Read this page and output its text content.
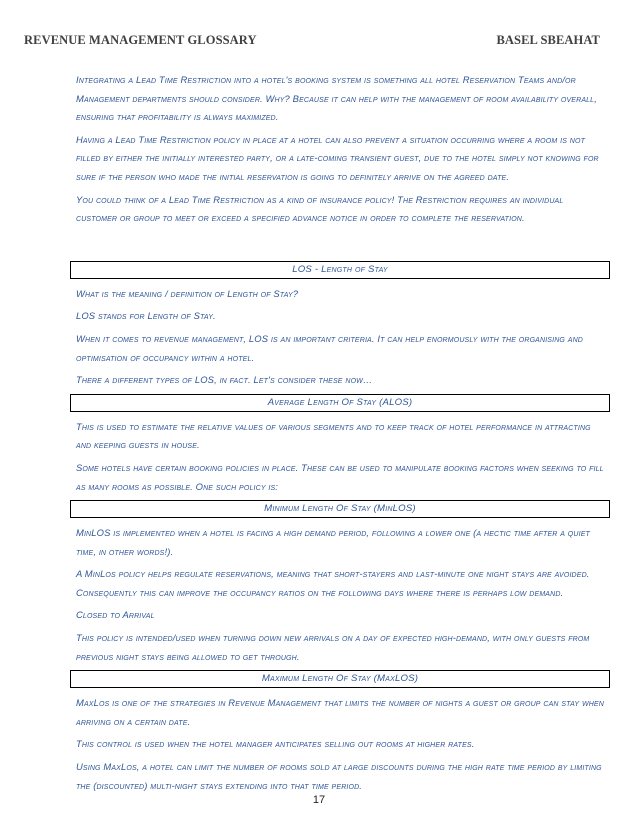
REVENUE MANAGEMENT GLOSSARY	BASEL SBEAHAT

Integrating a Lead Time Restriction into a hotel's booking system is something all hotel Reservation Teams and/or Management departments should consider. Why? Because it can help with the management of room availability overall, ensuring that profitability is always maximized.

Having a Lead Time Restriction policy in place at a hotel can also prevent a situation occurring where a room is not filled by either the initially interested party, or a late-coming transient guest, due to the hotel simply not knowing for sure if the person who made the initial reservation is going to definitely arrive on the agreed date.

You could think of a Lead Time Restriction as a kind of insurance policy! The Restriction requires an individual customer or group to meet or exceed a specified advance notice in order to complete the reservation.

LOS - Length of Stay

What is the meaning / definition of Length of Stay?

LOS stands for Length of Stay.

When it comes to revenue management, LOS is an important criteria. It can help enormously with the organising and optimisation of occupancy within a hotel.

There a different types of LOS, in fact. Let's consider these now…

Average Length Of Stay (ALOS)

This is used to estimate the relative values of various segments and to keep track of hotel performance in attracting and keeping guests in house.

Some hotels have certain booking policies in place. These can be used to manipulate booking factors when seeking to fill as many rooms as possible. One such policy is:

Minimum Length Of Stay (MinLOS)

MinLOS is implemented when a hotel is facing a high demand period, following a lower one (a hectic time after a quiet time, in other words!).

A MinLos policy helps regulate reservations, meaning that short-stayers and last-minute one night stays are avoided. Consequently this can improve the occupancy ratios on the following days where there is perhaps low demand.

Closed to Arrival

This policy is intended/used when turning down new arrivals on a day of expected high-demand, with only guests from previous night stays being allowed to get through.

Maximum Length Of Stay (MaxLOS)

MaxLos is one of the strategies in Revenue Management that limits the number of nights a guest or group can stay when arriving on a certain date.

This control is used when the hotel manager anticipates selling out rooms at higher rates.

Using MaxLos, a hotel can limit the number of rooms sold at large discounts during the high rate time period by limiting the (discounted) multi-night stays extending into that time period.

17
